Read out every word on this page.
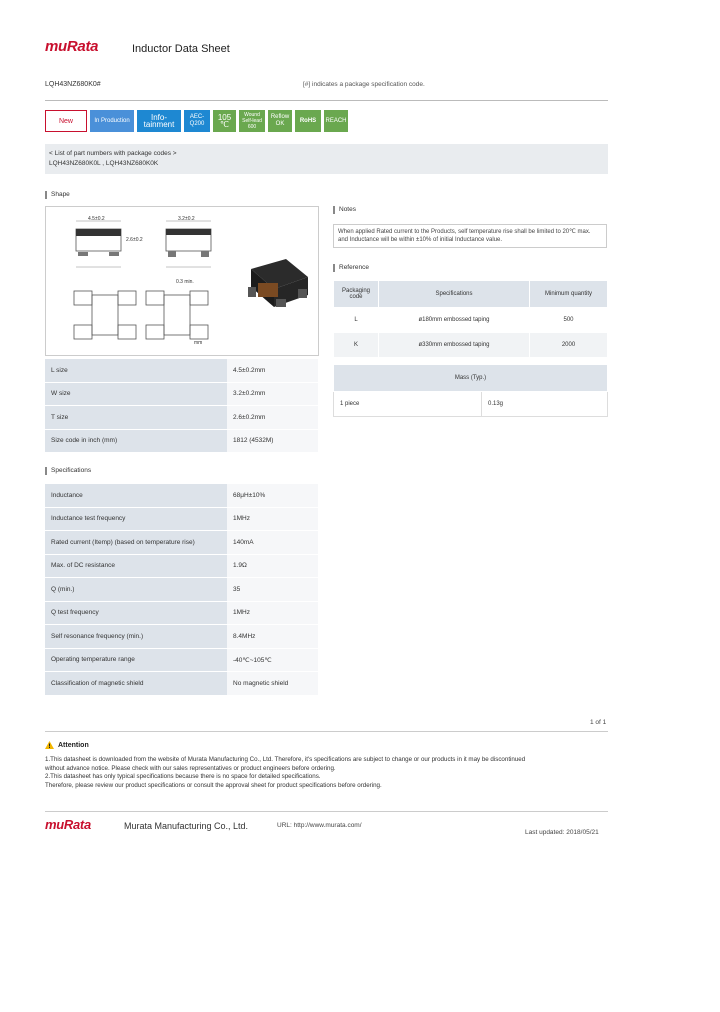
muRata	Inductor Data Sheet
LQH43NZ680K0#	[#] indicates a package specification code.
New	In Production	Info-tainment
AEC-Q200
105 ℃
Wound Self-lead 600
Reflow OK
RoHS REACH
< List of part numbers with package codes >
LQH43NZ680K0L , LQH43NZ680K0K
Shape
4.5±0.2	3.2±0.2
2.6±0.2
0.3 min.
mm
L size	4.5±0.2mm
W size	3.2±0.2mm
T size	2.6±0.2mm
Size code in inch (mm)	1812 (4532M)
Specifications
Inductance	68μH±10%
Inductance test frequency	1MHz
Rated current (Itemp) (based on temperature rise)	140mA
Max. of DC resistance	1.9Ω
Q (min.)	35
Q test frequency	1MHz
Self resonance frequency (min.)	8.4MHz
Operating temperature range	-40℃~105℃
Classification of magnetic shield	No magnetic shield
Notes
When applied Rated current to the Products, self temperature rise shall be limited to 20℃ max. and Inductance will be within ±10% of initial Inductance value.
Reference
Packaging code	Specifications	Minimum quantity
L	ø180mm embossed taping	500
K	ø330mm embossed taping	2000
Mass (Typ.)
1 piece	0.13g
1 of 1
Attention
1.This datasheet is downloaded from the website of Murata Manufacturing Co., Ltd. Therefore, it's specifications are subject to change or our products in it may be discontinued
without advance notice. Please check with our sales representatives or product engineers before ordering.
2.This datasheet has only typical specifications because there is no space for detailed specifications.
Therefore, please review our product specifications or consult the approval sheet for product specifications before ordering.
muRata	Murata Manufacturing Co., Ltd.	URL: http://www.murata.com/
Last updated: 2018/05/21
